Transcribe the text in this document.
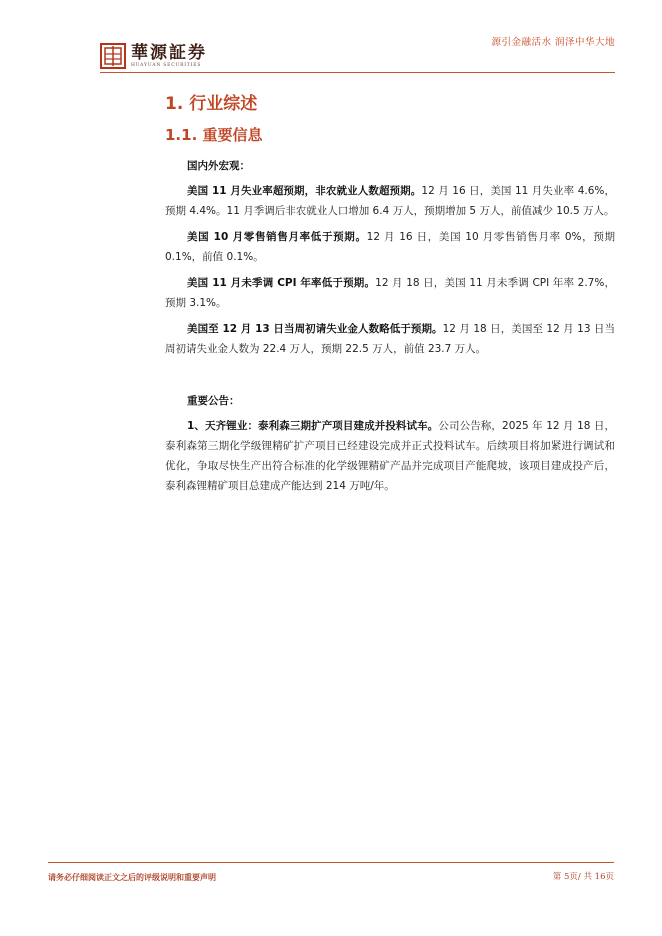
華源証券
HUAYUAN SECURITIES
源引金融活水 润泽中华大地
1. 行业综述
1.1. 重要信息
国内外宏观：

美国 11 月失业率超预期，非农就业人数超预期。12 月 16 日，美国 11 月失业率 4.6%，预期 4.4%。11 月季调后非农就业人口增加 6.4 万人，预期增加 5 万人，前值减少 10.5 万人。

美国 10 月零售销售月率低于预期。12 月 16 日，美国 10 月零售销售月率 0%，预期 0.1%，前值 0.1%。

美国 11 月未季调 CPI 年率低于预期。12 月 18 日，美国 11 月未季调 CPI 年率 2.7%，预期 3.1%。

美国至 12 月 13 日当周初请失业金人数略低于预期。12 月 18 日，美国至 12 月 13 日当周初请失业金人数为 22.4 万人，预期 22.5 万人，前值 23.7 万人。

重要公告：

1、天齐锂业：泰利森三期扩产项目建成并投料试车。公司公告称，2025 年 12 月 18 日，泰利森第三期化学级锂精矿扩产项目已经建设完成并正式投料试车。后续项目将加紧进行调试和优化，争取尽快生产出符合标准的化学级锂精矿产品并完成项目产能爬坡，该项目建成投产后，泰利森锂精矿项目总建成产能达到 214 万吨/年。

请务必仔细阅读正文之后的评级说明和重要声明	第 5页/ 共 16页
